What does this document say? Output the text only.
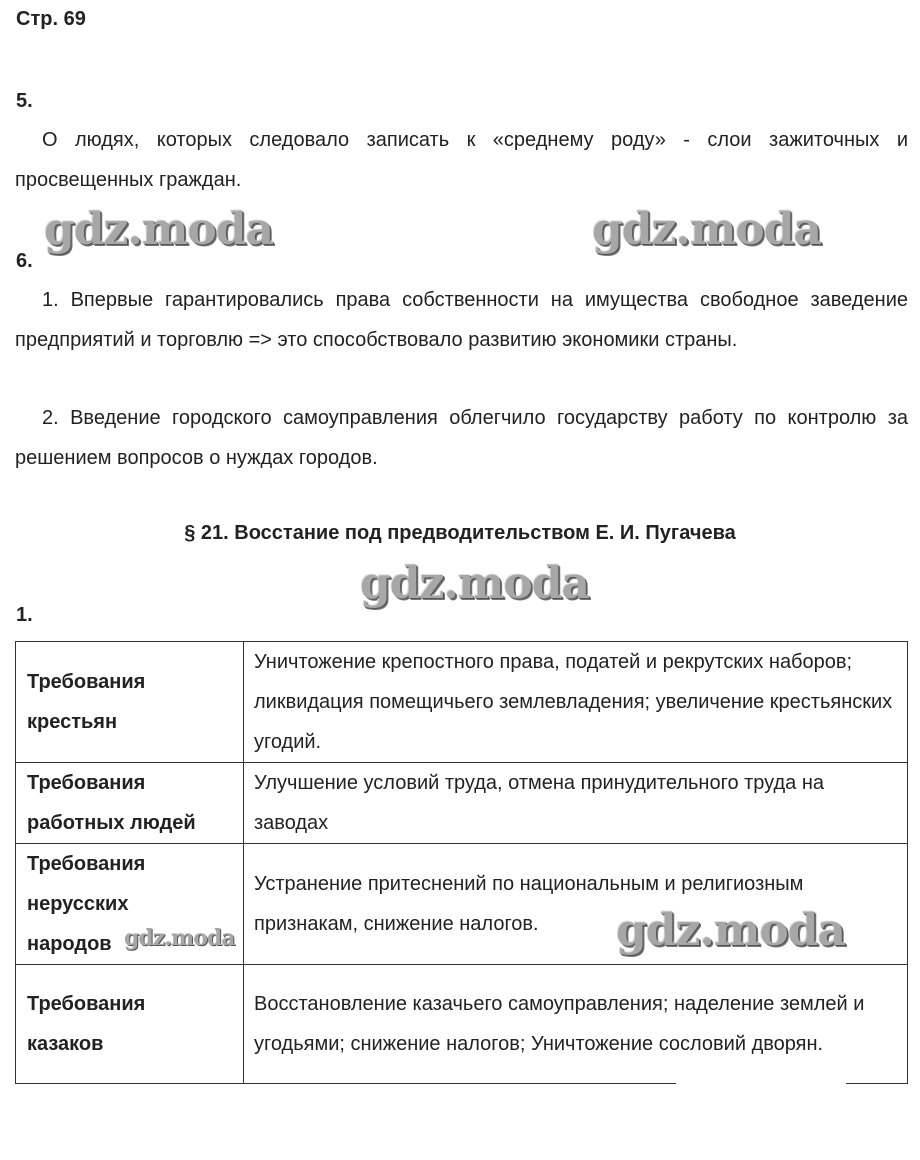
Стр. 69
5.

О людях, которых следовало записать к «среднему роду» - слои зажиточных и просвещенных граждан.

gdz.moda	gdz.moda
6.

1. Впервые гарантировались права собственности на имущества свободное заведение предприятий и торговлю => это способствовало развитию экономики страны.

2. Введение городского самоуправления облегчило государству работу по контролю за решением вопросов о нуждах городов.

§ 21. Восстание под предводительством Е. И. Пугачева
gdz.moda
1.
Требования
крестьян	Уничтожение крепостного права, податей и рекрутских наборов; ликвидация помещичьего землевладения; увеличение крестьянских угодий.

Требования
работных людей	Улучшение условий труда, отмена принудительного труда на заводах

Требования
нерусских
народов	Устранение притеснений по национальным и религиозным признакам, снижение налогов.

Требования
казаков	Восстановление казачьего самоуправления; наделение землей и угодьями; снижение налогов; Уничтожение сословий дворян.
gdz.moda	gdz.moda
